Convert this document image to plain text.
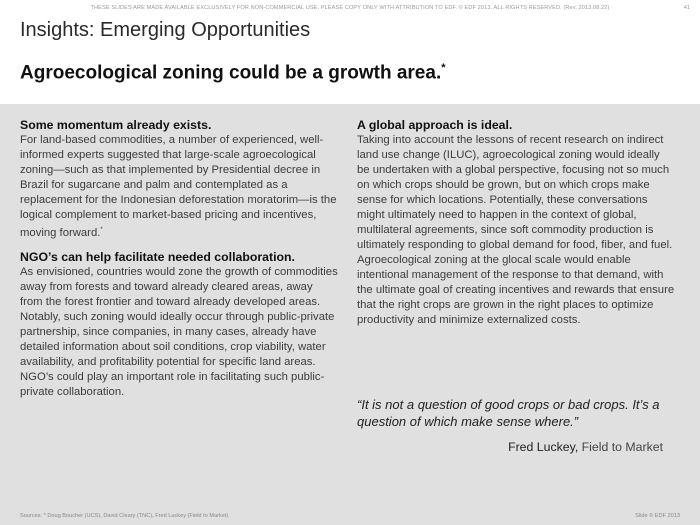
THESE SLIDES ARE MADE AVAILABLE EXCLUSIVELY FOR NON-COMMERCIAL USE. PLEASE COPY ONLY WITH ATTRIBUTION TO EDF. © EDF 2013. ALL RIGHTS RESERVED. (Rev. 2013.08.22)	41
Insights: Emerging Opportunities
Agroecological zoning could be a growth area.*
Some momentum already exists.
For land-based commodities, a number of experienced, well-informed experts suggested that large-scale agroecological zoning—such as that implemented by Presidential decree in Brazil for sugarcane and palm and contemplated as a replacement for the Indonesian deforestation moratorim—is the logical complement to market-based pricing and incentives, moving forward.*
NGO’s can help facilitate needed collaboration.
As envisioned, countries would zone the growth of commodities away from forests and toward already cleared areas, away from the forest frontier and toward already developed areas. Notably, such zoning would ideally occur through public-private partnership, since companies, in many cases, already have detailed information about soil conditions, crop viability, water availability, and profitability potential for specific land areas. NGO’s could play an important role in facilitating such public-private collaboration.
A global approach is ideal.
Taking into account the lessons of recent research on indirect land use change (ILUC), agroecological zoning would ideally be undertaken with a global perspective, focusing not so much on which crops should be grown, but on which crops make sense for which locations. Potentially, these conversations might ultimately need to happen in the context of global, multilateral agreements, since soft commodity production is ultimately responding to global demand for food, fiber, and fuel. Agroecological zoning at the glocal scale would enable intentional management of the response to that demand, with the ultimate goal of creating incentives and rewards that ensure that the right crops are grown in the right places to optimize productivity and minimize externalized costs.
“It is not a question of good crops or bad crops. It’s a question of which make sense where.”
Fred Luckey, Field to Market
Sources: * Doug Boucher (UCS), David Cleary (TNC), Fred Luckey (Field to Market)	Slide © EDF 2013
